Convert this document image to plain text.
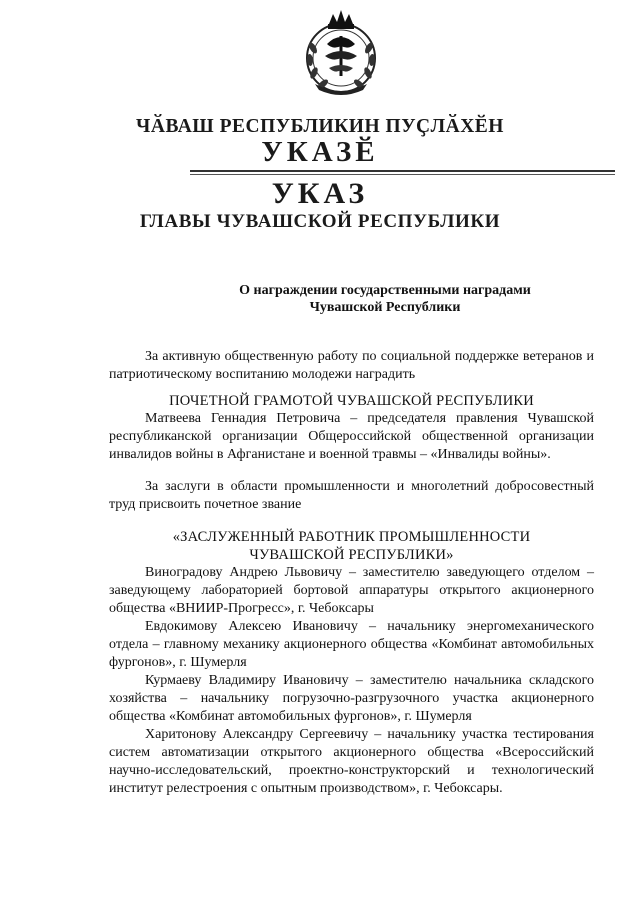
ЧӐВАШ РЕСПУБЛИКИН ПУҪЛӐХӖН
УКАЗӖ
УКАЗ
ГЛАВЫ ЧУВАШСКОЙ РЕСПУБЛИКИ
О награждении государственными наградами
Чувашской Республики

За активную общественную работу по социальной поддержке ветеранов и патриотическому воспитанию молодежи наградить

ПОЧЕТНОЙ ГРАМОТОЙ ЧУВАШСКОЙ РЕСПУБЛИКИ

Матвеева Геннадия Петровича – председателя правления Чувашской республиканской организации Общероссийской общественной организации инвалидов войны в Афганистане и военной травмы – «Инвалиды войны».

За заслуги в области промышленности и многолетний добросовестный труд присвоить почетное звание

«ЗАСЛУЖЕННЫЙ РАБОТНИК ПРОМЫШЛЕННОСТИ

ЧУВАШСКОЙ РЕСПУБЛИКИ»

Виноградову Андрею Львовичу – заместителю заведующего отделом – заведующему лабораторией бортовой аппаратуры открытого акционерного общества «ВНИИР-Прогресс», г. Чебоксары

Евдокимову Алексею Ивановичу – начальнику энергомеханического отдела – главному механику акционерного общества «Комбинат автомобильных фургонов», г. Шумерля

Курмаеву Владимиру Ивановичу – заместителю начальника складского хозяйства – начальнику погрузочно-разгрузочного участка акционерного общества «Комбинат автомобильных фургонов», г. Шумерля

Харитонову Александру Сергеевичу – начальнику участка тестирования систем автоматизации открытого акционерного общества «Всероссийский научно-исследовательский, проектно-конструкторский и технологический институт релестроения с опытным производством», г. Чебоксары.
